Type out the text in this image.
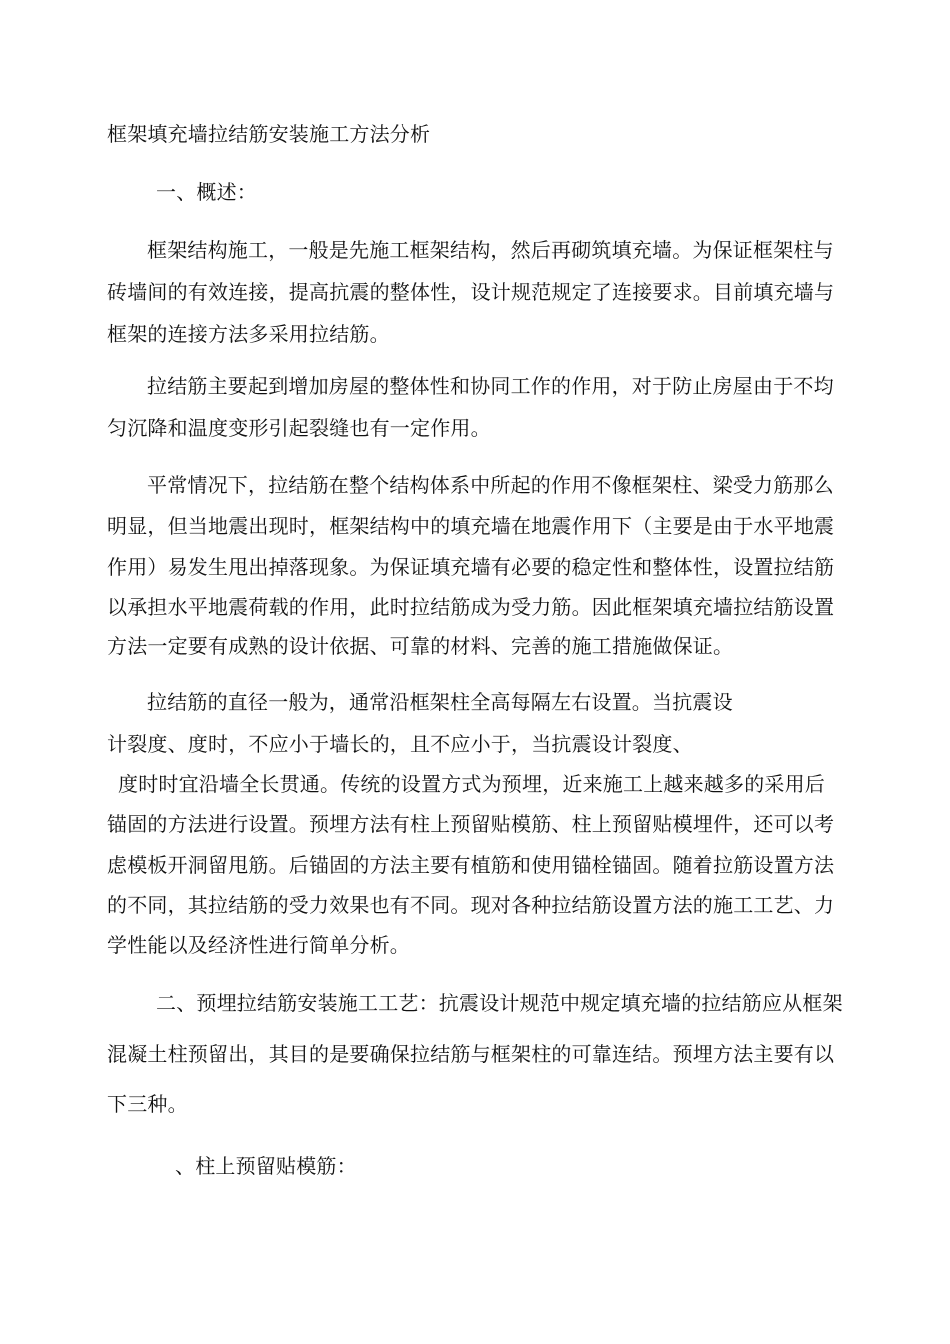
框架填充墙拉结筋安装施工方法分析
一、概述：
框架结构施工，一般是先施工框架结构，然后再砌筑填充墙。为保证框架柱与
砖墙间的有效连接，提高抗震的整体性，设计规范规定了连接要求。目前填充墙与
框架的连接方法多采用拉结筋。
拉结筋主要起到增加房屋的整体性和协同工作的作用，对于防止房屋由于不均
匀沉降和温度变形引起裂缝也有一定作用。
平常情况下，拉结筋在整个结构体系中所起的作用不像框架柱、梁受力筋那么
明显，但当地震出现时，框架结构中的填充墙在地震作用下（主要是由于水平地震
作用）易发生甩出掉落现象。为保证填充墙有必要的稳定性和整体性，设置拉结筋
以承担水平地震荷载的作用，此时拉结筋成为受力筋。因此框架填充墙拉结筋设置
方法一定要有成熟的设计依据、可靠的材料、完善的施工措施做保证。
拉结筋的直径一般为，通常沿框架柱全高每隔左右设置。当抗震设
计裂度、度时，不应小于墙长的，且不应小于，当抗震设计裂度、
度时时宜沿墙全长贯通。传统的设置方式为预埋，近来施工上越来越多的采用后
锚固的方法进行设置。预埋方法有柱上预留贴模筋、柱上预留贴模埋件，还可以考
虑模板开洞留甩筋。后锚固的方法主要有植筋和使用锚栓锚固。随着拉筋设置方法
的不同，其拉结筋的受力效果也有不同。现对各种拉结筋设置方法的施工工艺、力
学性能以及经济性进行简单分析。
二、预埋拉结筋安装施工工艺：抗震设计规范中规定填充墙的拉结筋应从框架
混凝土柱预留出，其目的是要确保拉结筋与框架柱的可靠连结。预埋方法主要有以
下三种。
、柱上预留贴模筋：
